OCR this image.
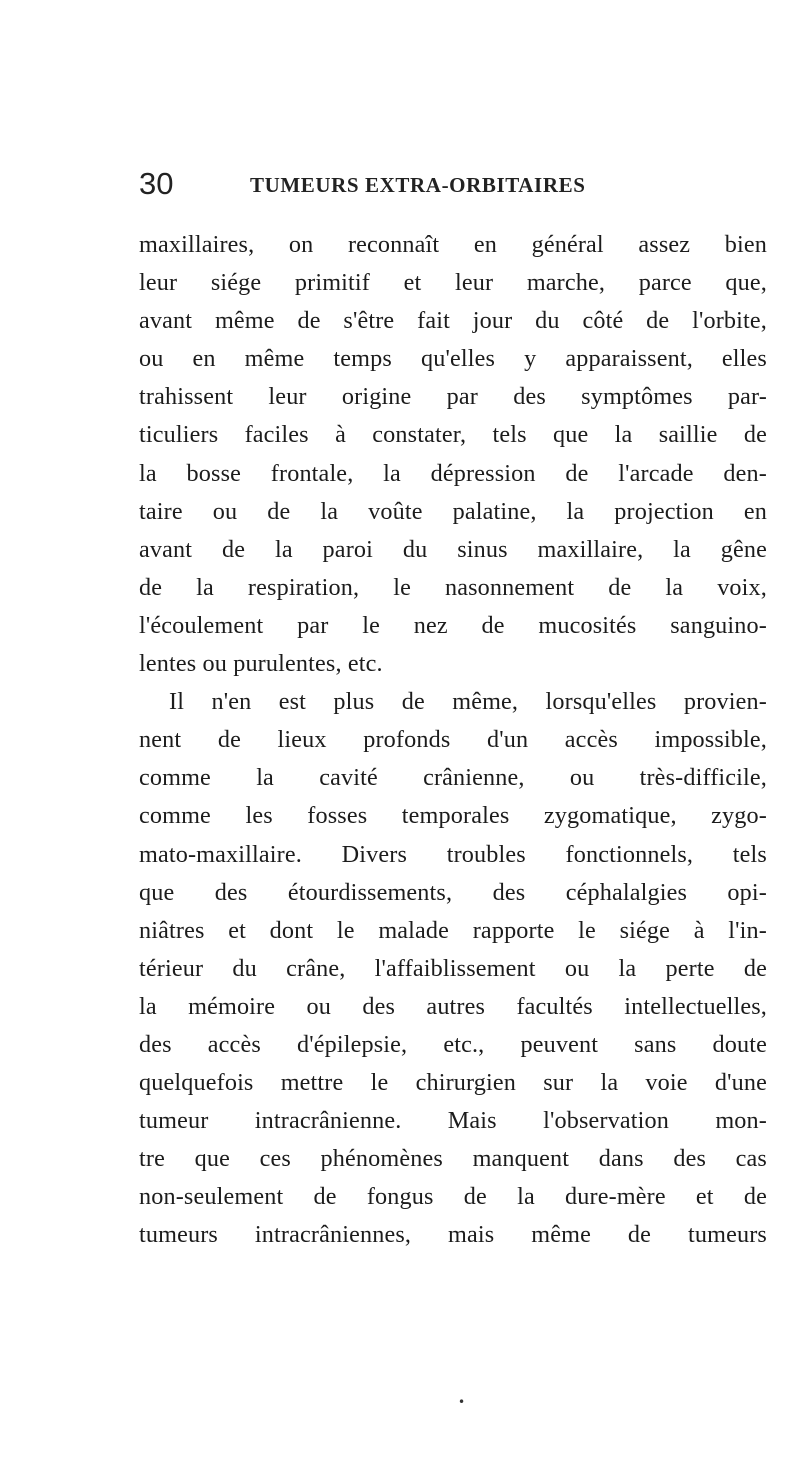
30	TUMEURS EXTRA-ORBITAIRES
maxillaires, on reconnaît en général assez bien
leur siége primitif et leur marche, parce que,
avant même de s'être fait jour du côté de l'orbite,
ou en même temps qu'elles y apparaissent, elles
trahissent leur origine par des symptômes par-
ticuliers faciles à constater, tels que la saillie de
la bosse frontale, la dépression de l'arcade den-
taire ou de la voûte palatine, la projection en
avant de la paroi du sinus maxillaire, la gêne
de la respiration, le nasonnement de la voix,
l'écoulement par le nez de mucosités sanguino-
lentes ou purulentes, etc.
Il n'en est plus de même, lorsqu'elles provien-
nent de lieux profonds d'un accès impossible,
comme la cavité crânienne, ou très-difficile,
comme les fosses temporales zygomatique, zygo-
mato-maxillaire. Divers troubles fonctionnels, tels
que des étourdissements, des céphalalgies opi-
niâtres et dont le malade rapporte le siége à l'in-
térieur du crâne, l'affaiblissement ou la perte de
la mémoire ou des autres facultés intellectuelles,
des accès d'épilepsie, etc., peuvent sans doute
quelquefois mettre le chirurgien sur la voie d'une
tumeur intracrânienne. Mais l'observation mon-
tre que ces phénomènes manquent dans des cas
non-seulement de fongus de la dure-mère et de
tumeurs intracrâniennes, mais même de tumeurs
•
